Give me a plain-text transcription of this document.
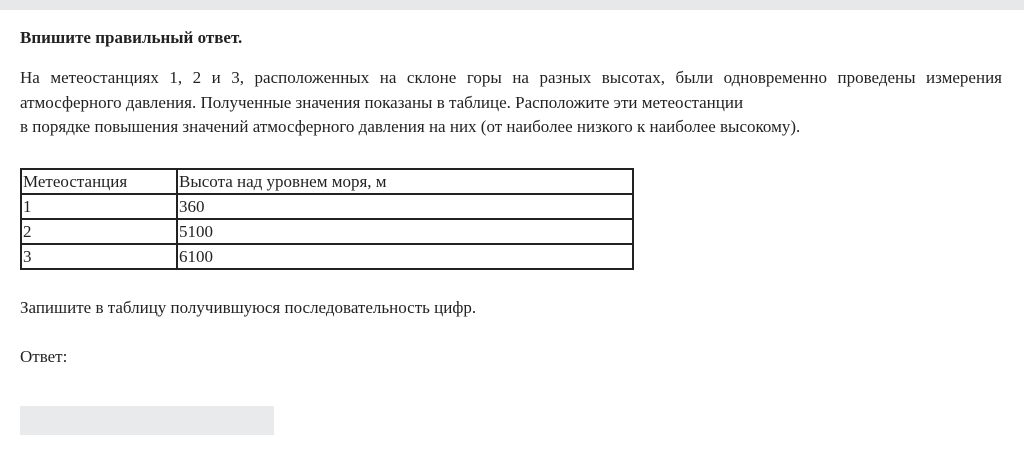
Впишите правильный ответ.

На метеостанциях 1, 2 и 3, расположенных на склоне горы на разных высотах, были одновременно проведены измерения
атмосферного давления. Полученные значения показаны в таблице. Расположите эти метеостанции
в порядке повышения значений атмосферного давления на них (от наиболее низкого к наиболее высокому).

Метеостанция	Высота над уровнем моря, м
1	360
2	5100
3	6100

Запишите в таблицу получившуюся последовательность цифр.

Ответ:
